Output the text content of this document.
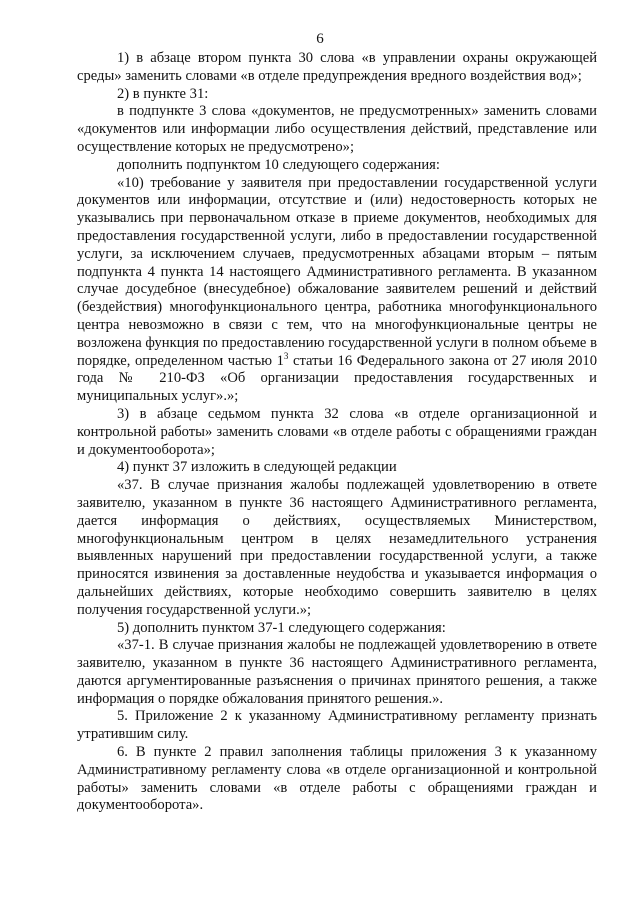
6

1) в абзаце втором пункта 30 слова «в управлении охраны окружающей среды» заменить словами «в отделе предупреждения вредного воздействия вод»;

2) в пункте 31:

в подпункте 3 слова «документов, не предусмотренных» заменить словами «документов или информации либо осуществления действий, представление или осуществление которых не предусмотрено»;

дополнить подпунктом 10 следующего содержания:

«10) требование у заявителя при предоставлении государственной услуги документов или информации, отсутствие и (или) недостоверность которых не указывались при первоначальном отказе в приеме документов, необходимых для предоставления государственной услуги, либо в предоставлении государственной услуги, за исключением случаев, предусмотренных абзацами вторым – пятым подпункта 4 пункта 14 настоящего Административного регламента. В указанном случае досудебное (внесудебное) обжалование заявителем решений и действий (бездействия) многофункционального центра, работника многофункционального центра невозможно в связи с тем, что на многофункциональные центры не возложена функция по предоставлению государственной услуги в полном объеме в порядке, определенном частью $1^3$ статьи 16 Федерального закона от 27 июля 2010 года № 210-ФЗ «Об организации предоставления государственных и муниципальных услуг».»;

3) в абзаце седьмом пункта 32 слова «в отделе организационной и контрольной работы» заменить словами «в отделе работы с обращениями граждан и документооборота»;

4) пункт 37 изложить в следующей редакции

«37. В случае признания жалобы подлежащей удовлетворению в ответе заявителю, указанном в пункте 36 настоящего Административного регламента, дается информация о действиях, осуществляемых Министерством, многофункциональным центром в целях незамедлительного устранения выявленных нарушений при предоставлении государственной услуги, а также приносятся извинения за доставленные неудобства и указывается информация о дальнейших действиях, которые необходимо совершить заявителю в целях получения государственной услуги.»;

5) дополнить пунктом 37-1 следующего содержания:

«37-1. В случае признания жалобы не подлежащей удовлетворению в ответе заявителю, указанном в пункте 36 настоящего Административного регламента, даются аргументированные разъяснения о причинах принятого решения, а также информация о порядке обжалования принятого решения.».

5. Приложение 2 к указанному Административному регламенту признать утратившим силу.

6. В пункте 2 правил заполнения таблицы приложения 3 к указанному Административному регламенту слова «в отделе организационной и контрольной работы» заменить словами «в отделе работы с обращениями граждан и документооборота».
